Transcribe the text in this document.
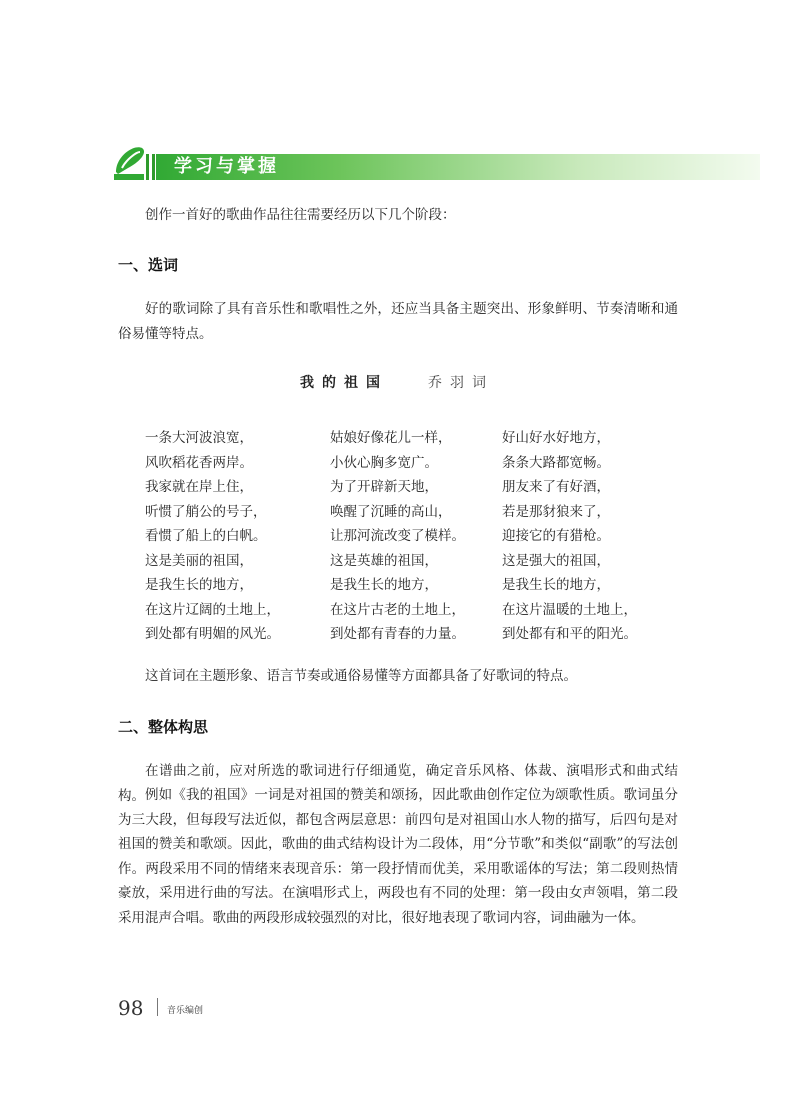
学习与掌握
创作一首好的歌曲作品往往需要经历以下几个阶段：
一、选词
好的歌词除了具有音乐性和歌唱性之外，还应当具备主题突出、形象鲜明、节奏清晰和通俗易懂等特点。
我的祖国	乔羽词
一条大河波浪宽，
风吹稻花香两岸。
我家就在岸上住，
听惯了艄公的号子，
看惯了船上的白帆。
这是美丽的祖国，
是我生长的地方，
在这片辽阔的土地上，
到处都有明媚的风光。
姑娘好像花儿一样，
小伙心胸多宽广。
为了开辟新天地，
唤醒了沉睡的高山，
让那河流改变了模样。
这是英雄的祖国，
是我生长的地方，
在这片古老的土地上，
到处都有青春的力量。
好山好水好地方，
条条大路都宽畅。
朋友来了有好酒，
若是那豺狼来了，
迎接它的有猎枪。
这是强大的祖国，
是我生长的地方，
在这片温暖的土地上，
到处都有和平的阳光。
这首词在主题形象、语言节奏或通俗易懂等方面都具备了好歌词的特点。
二、整体构思
在谱曲之前，应对所选的歌词进行仔细通览，确定音乐风格、体裁、演唱形式和曲式结构。 例如《我的祖国》一词是对祖国的赞美和颂扬，因此歌曲创作定位为颂歌性质。歌词虽分为三大段，但每段写法近似，都包含两层意思：前四句是对祖国山水人物的描写，后四句是对祖国的赞美和歌颂。因此，歌曲的曲式结构设计为二段体，用“分节歌”和类似“副歌”的写法创作。两段采用不同的情绪来表现音乐：第一段抒情而优美，采用歌谣体的写法；第二段则热情豪放，采用进行曲的写法。在演唱形式上，两段也有不同的处理：第一段由女声领唱，第二段采用混声合唱。歌曲的两段形成较强烈的对比，很好地表现了歌词内容，词曲融为一体。
98	音乐编创
